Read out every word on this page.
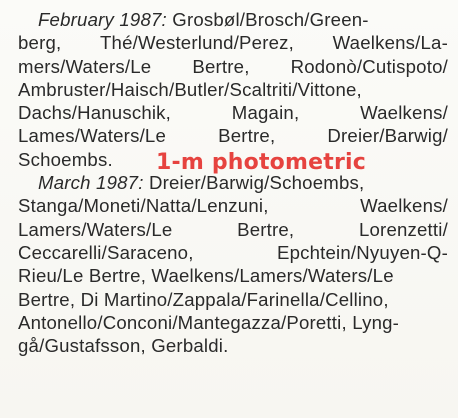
February 1987: Grosbøl/Brosch/Green-
berg, Thé/Westerlund/Perez, Waelkens/La-
mers/Waters/Le Bertre, Rodonò/Cutispoto/
Ambruster/Haisch/Butler/Scaltriti/Vittone,
Dachs/Hanuschik,	Magain,	Waelkens/
Lames/Waters/Le	Bertre,	Dreier/Barwig/
Schoembs.
March 1987: Dreier/Barwig/Schoembs,
Stanga/Moneti/Natta/Lenzuni,	Waelkens/
Lamers/Waters/Le	Bertre,	Lorenzetti/
Ceccarelli/Saraceno,	Epchtein/Nyuyen-Q-
Rieu/Le Bertre, Waelkens/Lamers/Waters/Le
Bertre, Di Martino/Zappala/Farinella/Cellino,
Antonello/Conconi/Mantegazza/Poretti, Lyng-
gå/Gustafsson, Gerbaldi.
1-m photometric
